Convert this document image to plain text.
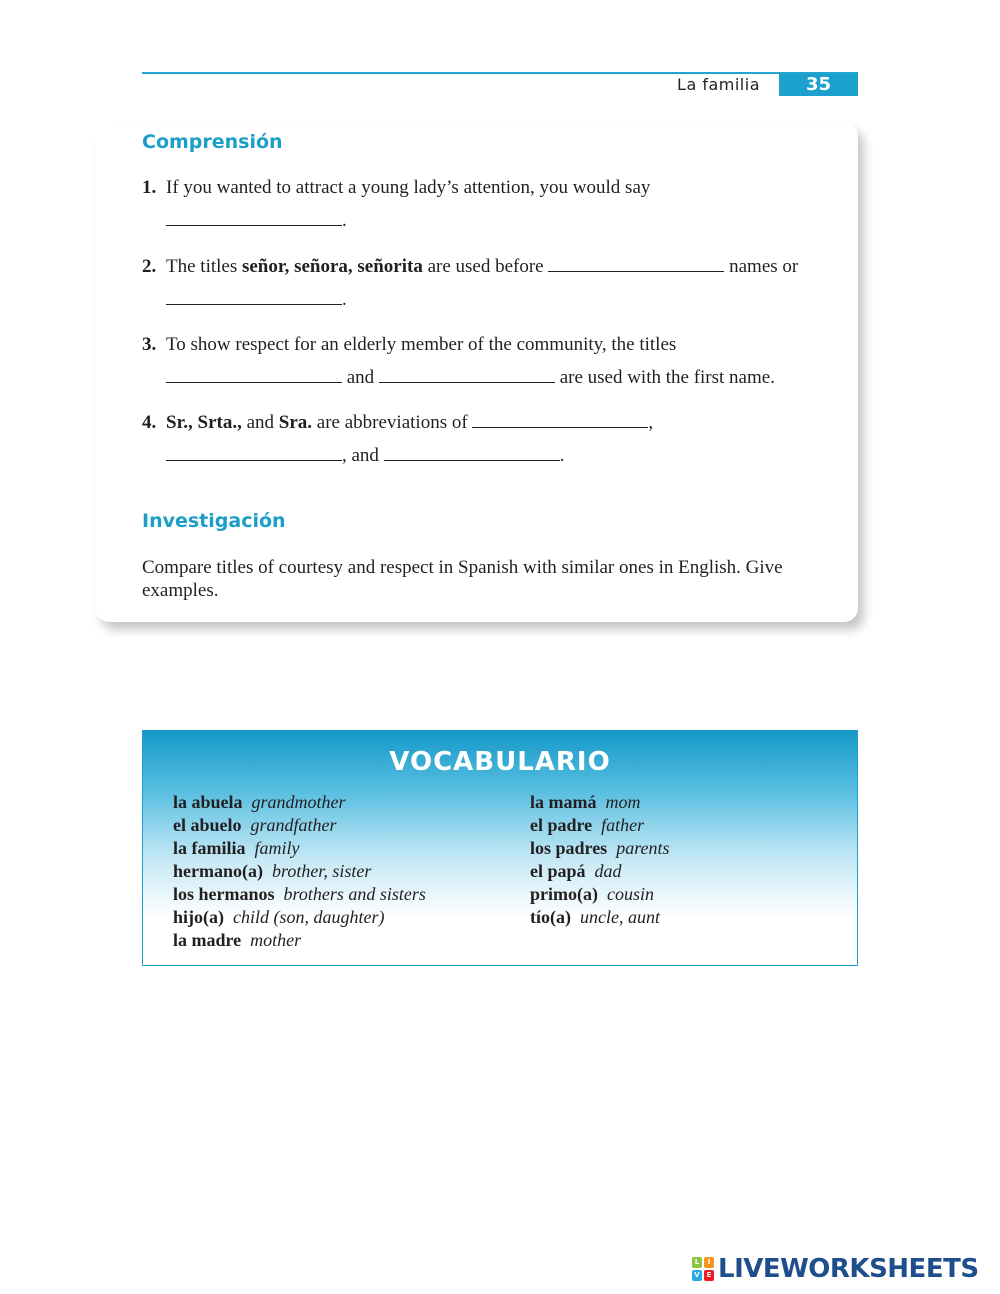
La familia	35
Comprensión
1. If you wanted to attract a young lady’s attention, you would say
.
2. The titles señor, señora, señorita are used before	names or
.
3. To show respect for an elderly member of the community, the titles
and	are used with the first name.
4. Sr., Srta., and Sra. are abbreviations of	,
, and	.
Investigación
Compare titles of courtesy and respect in Spanish with similar ones in English. Give examples.
VOCABULARIO
la abuela grandmother
el abuelo grandfather
la familia family
hermano(a) brother, sister
los hermanos brothers and sisters
hijo(a) child (son, daughter)
la madre mother
la mamá mom
el padre father
los padres parents
el papá dad
primo(a) cousin
tío(a) uncle, aunt
L	I
V E LIVEWORKSHEETS
